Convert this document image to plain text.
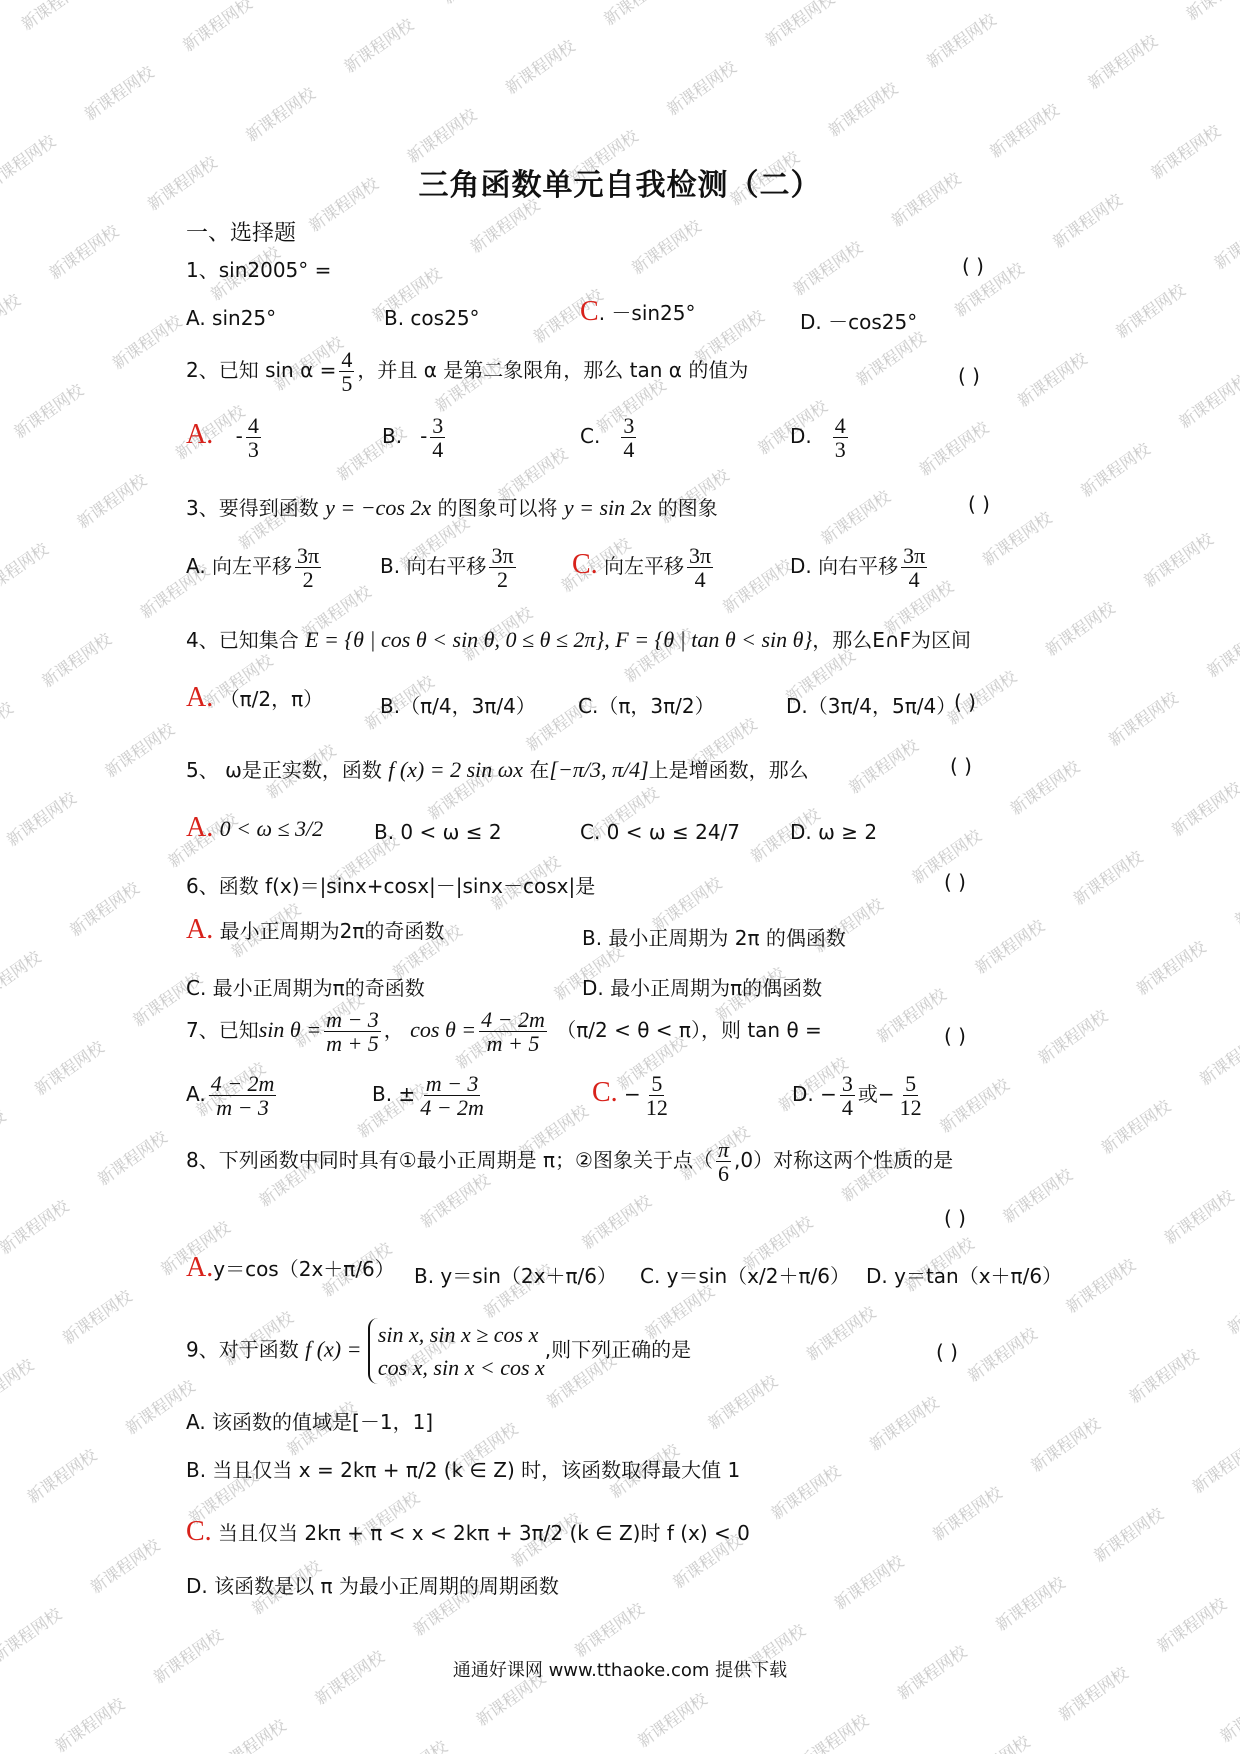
三角函数单元自我检测（二）
一、选择题
1、sin2005° =	( )
A. sin25°	B. cos25°	C. －sin25°	D. －cos25°
2、已知 $\sin \alpha = \frac{4}{5}$ ，并且 α 是第二象限角，那么 tan α 的值为	( )
A. - $\frac{4}{3}$	B. - $\frac{3}{4}$	C. $\frac{3}{4}$	D. $\frac{4}{3}$
3、要得到函数 y = −cos 2x 的图象可以将 y = sin 2x 的图象	( )
A. 向左平移 $\frac{3\pi}{2}$	B. 向右平移 $\frac{3\pi}{2} C$. 向左平移 $\frac{3\pi}{4}$	D. 向右平移 $\frac{3\pi}{4}$
4、已知集合 E = {θ | cos θ < sin θ, 0 ≤ θ ≤ 2π}, F = {θ | tan θ < sin θ}，那么E∩F为区间
A. （π/2，π）	B.（π/4，3π/4） C.（π，3π/2）	D.（3π/4，5π/4）
( )
5、 ω是正实数，函数 f (x) = 2 sin ωx 在[−π/3, π/4]上是增函数，那么	( )
A. 0 < ω ≤ 3/2	B. 0 < ω ≤ 2	C. 0 < ω ≤ 24/7 D. ω ≥ 2
6、函数 f(x)＝|sinx+cosx|－|sinx－cosx|是	( )
A. 最小正周期为2π的奇函数	B. 最小正周期为 2π 的偶函数
C. 最小正周期为π的奇函数	D. 最小正周期为π的偶函数
7、已知$\sin \theta = \frac{m - 3}{m + 5}$ ， $\cos \theta = \frac{4 - 2m}{m + 5} (\pi/2 < \theta < \pi)$，则 tan θ =	( )
A. $\frac{4 - 2m}{m - 3}$	B. ± $\frac{m - 3}{4 - 2m}$	C. − $\frac{5}{12}$	D. − $\frac{3}{4}$ 或− $\frac{5}{12}$
8、下列函数中同时具有①最小正周期是 π；②图象关于点（ $\frac{\pi}{6} ,0$）对称这两个性质的是
( )
A.y＝cos（2x＋π/6） B. y＝sin（2x＋π/6） C. y＝sin（x/2＋π/6） D. y＝tan（x＋π/6）
9、对于函数 f (x) =
sin x, sin x ≥ cos x
cos x, sin x < cos x
,则下列正确的是	( )
A. 该函数的值域是[－1，1]
B. 当且仅当 x = 2kπ + π/2 (k ∈ Z) 时，该函数取得最大值 1
C. 当且仅当 2kπ + π < x < 2kπ + 3π/2 (k ∈ Z)时 f (x) < 0
D. 该函数是以 π 为最小正周期的周期函数
通通好课网 www.tthaoke.com 提供下载
